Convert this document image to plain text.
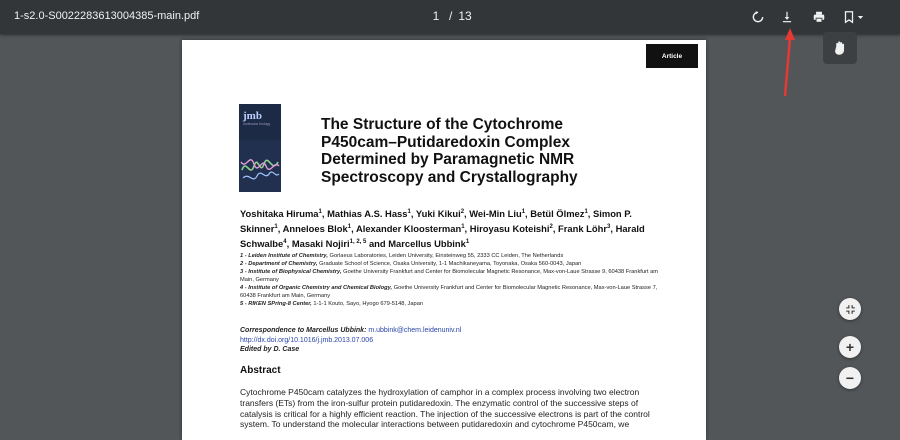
1-s2.0-S0022283613004385-main.pdf	1 / 13
Article
jmb
molecular biology	The Structure of the Cytochrome
P450cam–Putidaredoxin Complex
Determined by Paramagnetic NMR
Spectroscopy and Crystallography
Yoshitaka Hiruma$^1$, Mathias A.S. Hass$^1$, Yuki Kikui$^2$, Wei-Min Liu$^1$, Betül Ölmez$^1$, Simon P. Skinner$^1$, Anneloes Blok$^1$, Alexander Kloosterman$^1$, Hiroyasu Koteishi$^2$, Frank Löhr$^3$, Harald Schwalbe$^4$, Masaki Nojiri$^{1, 2, 5}$ and Marcellus Ubbink$^1$

1 - Leiden Institute of Chemistry, Gorlaeus Laboratories, Leiden University, Einsteinweg 55, 2333 CC Leiden, The Netherlands

2 - Department of Chemistry, Graduate School of Science, Osaka University, 1-1 Machikaneyama, Toyonaka, Osaka 560-0043, Japan

3 - Institute of Biophysical Chemistry, Goethe University Frankfurt and Center for Biomolecular Magnetic Resonance, Max-von-Laue Strasse 9, 60438 Frankfurt am Main, Germany

4 - Institute of Organic Chemistry and Chemical Biology, Goethe University Frankfurt and Center for Biomolecular Magnetic Resonance, Max-von-Laue Strasse 7, 60438 Frankfurt am Main, Germany

5 - RIKEN SPring-8 Center, 1-1-1 Kouto, Sayo, Hyogo 679-5148, Japan

Correspondence to Marcellus Ubbink: m.ubbink@chem.leidenuniv.nl
http://dx.doi.org/10.1016/j.jmb.2013.07.006
Edited by D. Case
Abstract
Cytochrome P450cam catalyzes the hydroxylation of camphor in a complex process involving two electron
transfers (ETs) from the iron-sulfur protein putidaredoxin. The enzymatic control of the successive steps of
catalysis is critical for a highly efficient reaction. The injection of the successive electrons is part of the control
system. To understand the molecular interactions between putidaredoxin and cytochrome P450cam, we
+
−
